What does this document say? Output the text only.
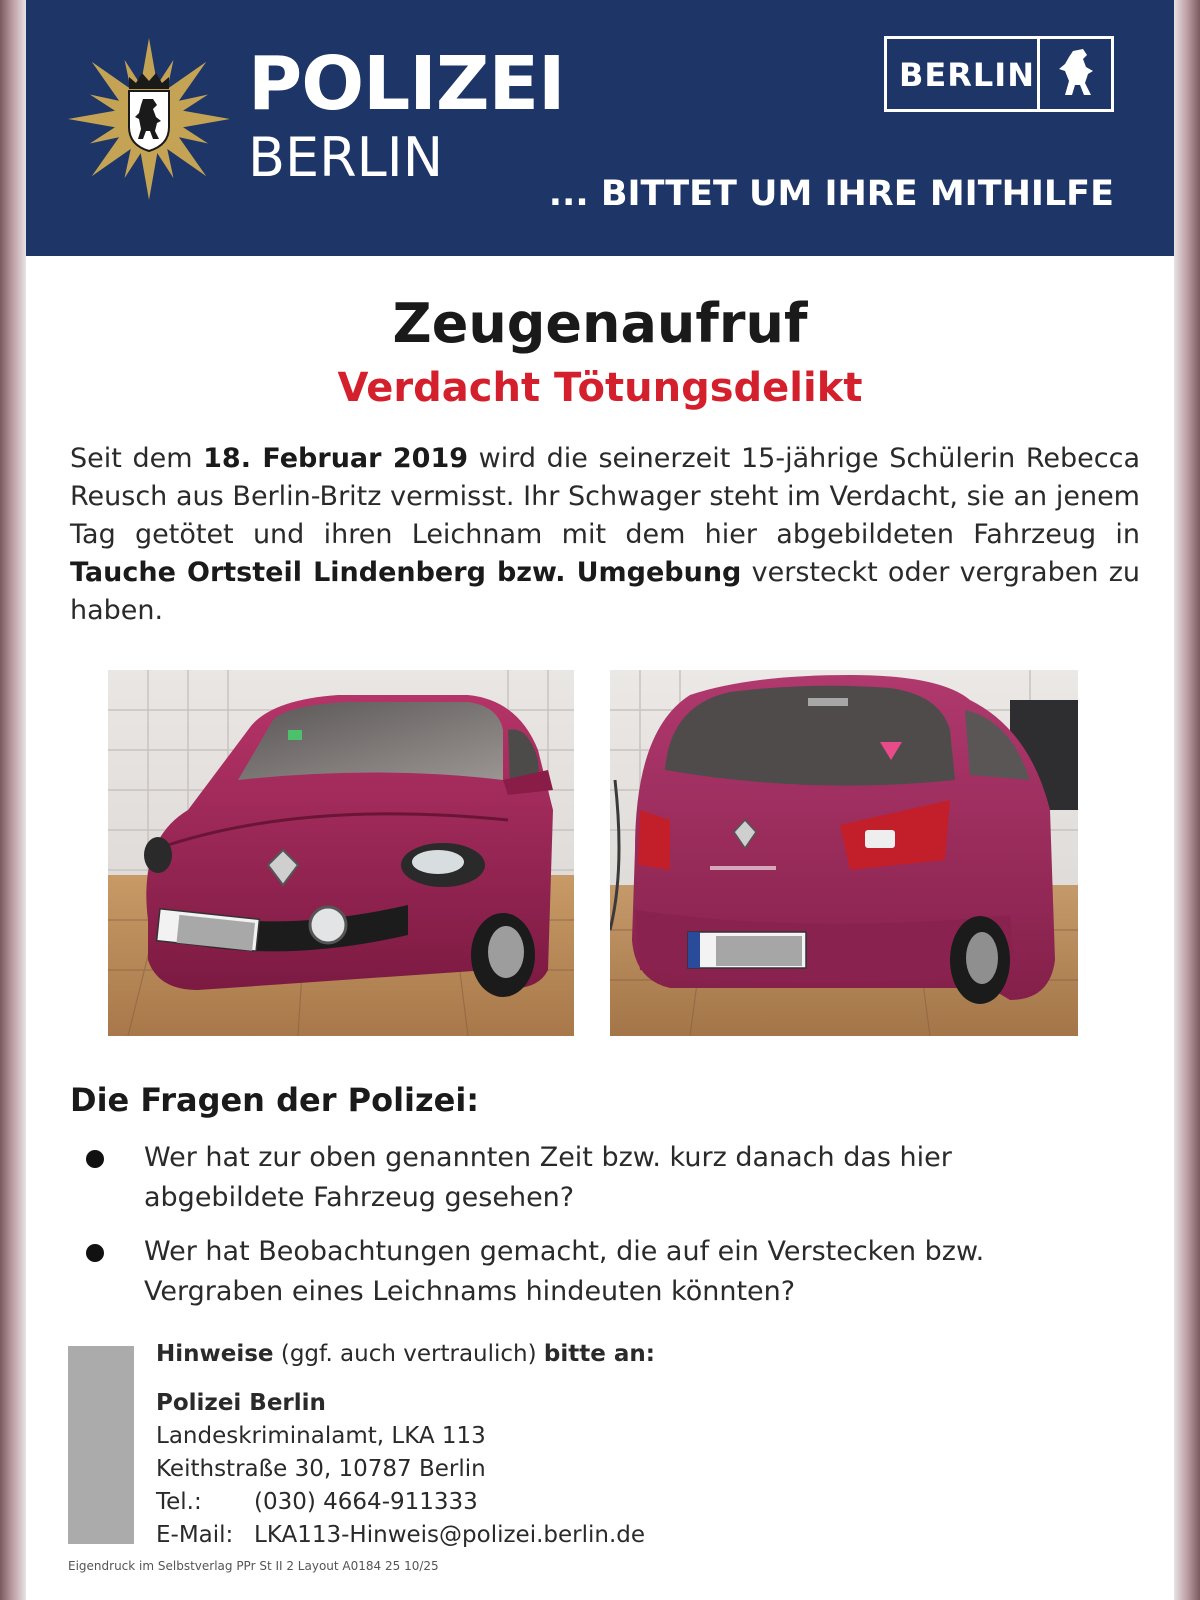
POLIZEI
BERLIN
BERLIN
... BITTET UM IHRE MITHILFE
Zeugenaufruf
Verdacht Tötungsdelikt
Seit dem 18. Februar 2019 wird die seinerzeit 15-jährige Schülerin Rebecca Reusch aus Berlin-Britz vermisst. Ihr Schwager steht im Verdacht, sie an jenem Tag getötet und ihren Leichnam mit dem hier abgebildeten Fahrzeug in Tauche Ortsteil Lindenberg bzw. Umgebung versteckt oder vergraben zu haben.
Die Fragen der Polizei:
Wer hat zur oben genannten Zeit bzw. kurz danach das hier abgebildete Fahrzeug gesehen?
Wer hat Beobachtungen gemacht, die auf ein Verstecken bzw. Vergraben eines Leichnams hindeuten könnten?
Hinweise (ggf. auch vertraulich) bitte an:
Polizei Berlin
Landeskriminalamt, LKA 113
Keithstraße 30, 10787 Berlin
Tel.: (030) 4664-911333
E-Mail: LKA113-Hinweis@polizei.berlin.de
Eigendruck im Selbstverlag PPr St II 2 Layout A0184 25 10/25
